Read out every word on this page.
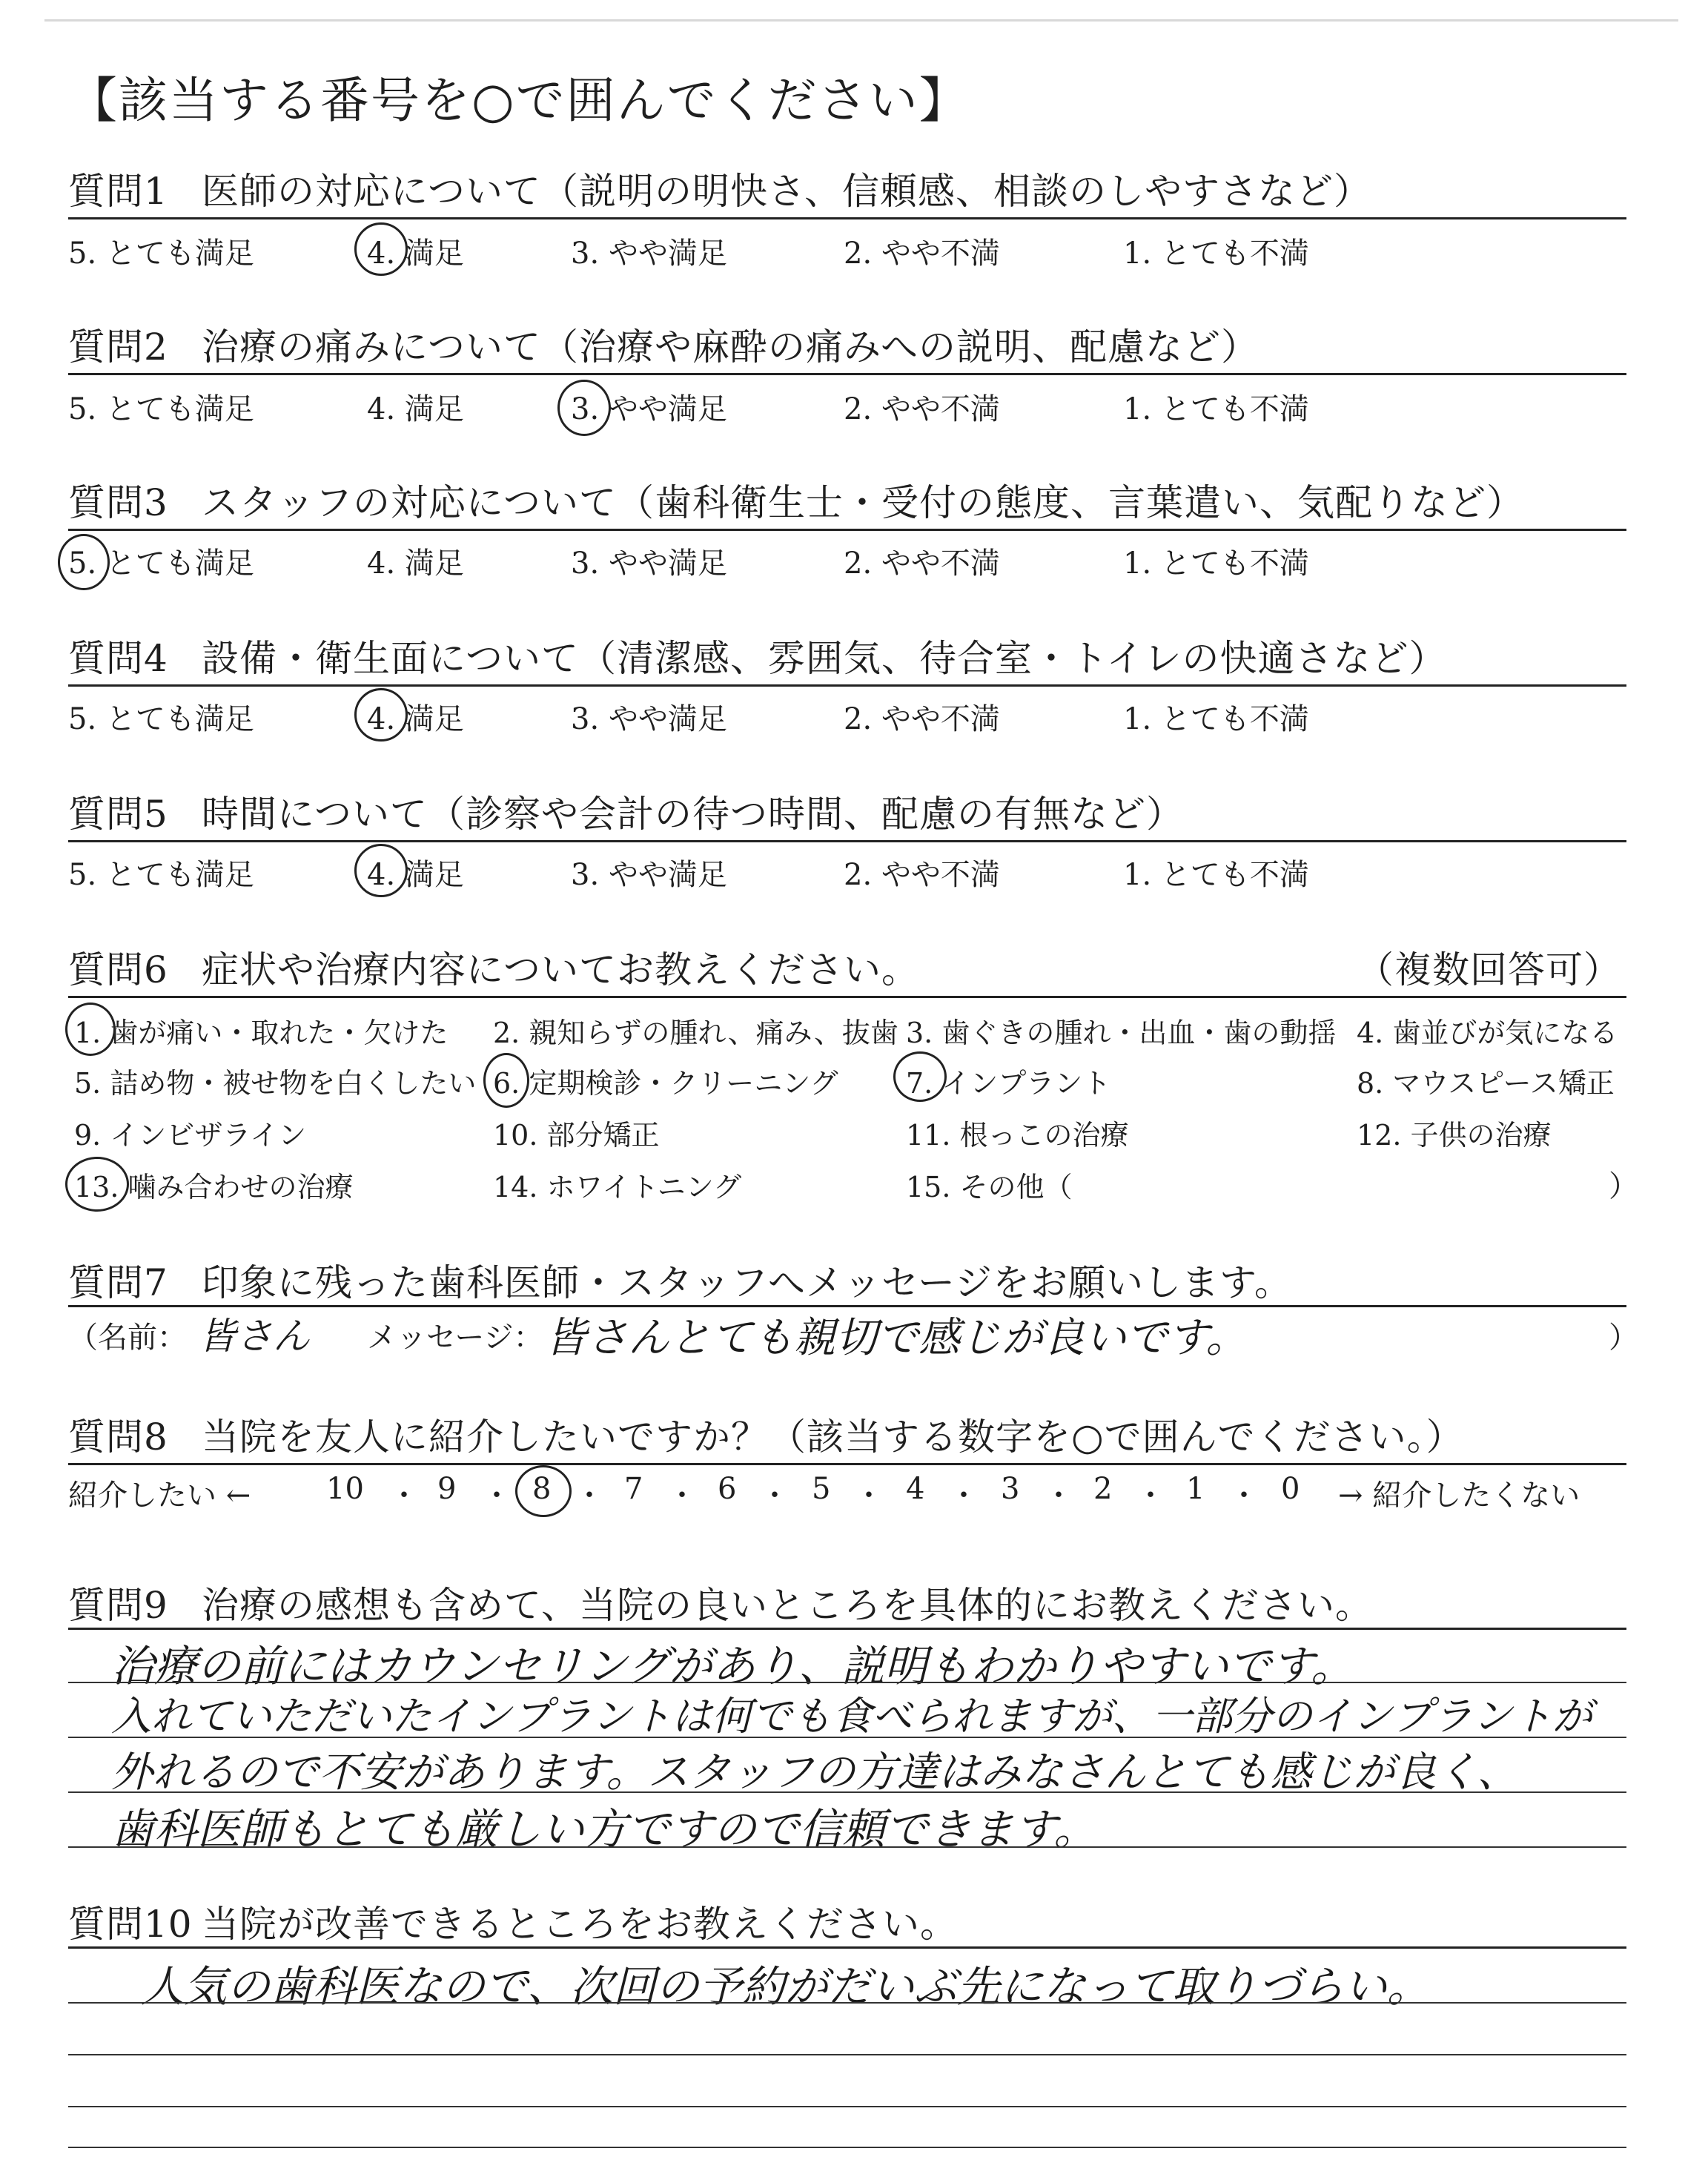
【該当する番号を○で囲んでください】
質問1 医師の対応について（説明の明快さ、信頼感、相談のしやすさなど）
5. とても満足	4. 満足	3. やや満足	2. やや不満	1. とても不満
質問2 治療の痛みについて（治療や麻酔の痛みへの説明、配慮など）
5. とても満足	4. 満足	3. やや満足	2. やや不満	1. とても不満
質問3 スタッフの対応について（歯科衛生士・受付の態度、言葉遣い、気配りなど）
5. とても満足	4. 満足	3. やや満足	2. やや不満	1. とても不満
質問4 設備・衛生面について（清潔感、雰囲気、待合室・トイレの快適さなど）
5. とても満足	4. 満足	3. やや満足	2. やや不満	1. とても不満
質問5 時間について（診察や会計の待つ時間、配慮の有無など）
5. とても満足	4. 満足	3. やや満足	2. やや不満	1. とても不満
質問6 症状や治療内容についてお教えください。	（複数回答可）
1. 歯が痛い・取れた・欠けた 2. 親知らずの腫れ、痛み、抜歯 3. 歯ぐきの腫れ・出血・歯の動揺 4. 歯並びが気になる
5. 詰め物・被せ物を白くしたい 6. 定期検診・クリーニング 7. インプラント	8. マウスピース矯正
9. インビザライン	10. 部分矯正	11. 根っこの治療	12. 子供の治療
13. 噛み合わせの治療	14. ホワイトニング	15. その他（	）
質問7 印象に残った歯科医師・スタッフへメッセージをお願いします。
（名前： 皆さん メッセージ： 皆さんとても親切で感じが良いです。	）
質問8 当院を友人に紹介したいですか？（該当する数字を○で囲んでください。）
紹介したい ←	10 ・ 9 ・ 8 ・ 7 ・ 6 ・ 5 ・ 4 ・ 3 ・ 2 ・ 1 ・ 0 → 紹介したくない
質問9 治療の感想も含めて、当院の良いところを具体的にお教えください。
治療の前にはカウンセリングがあり、説明もわかりやすいです。
入れていただいたインプラントは何でも食べられますが、一部分のインプラントが
外れるので不安があります。スタッフの方達はみなさんとても感じが良く、
歯科医師もとても厳しい方ですので信頼できます。
質問10 当院が改善できるところをお教えください。
人気の歯科医なので、次回の予約がだいぶ先になって取りづらい。
